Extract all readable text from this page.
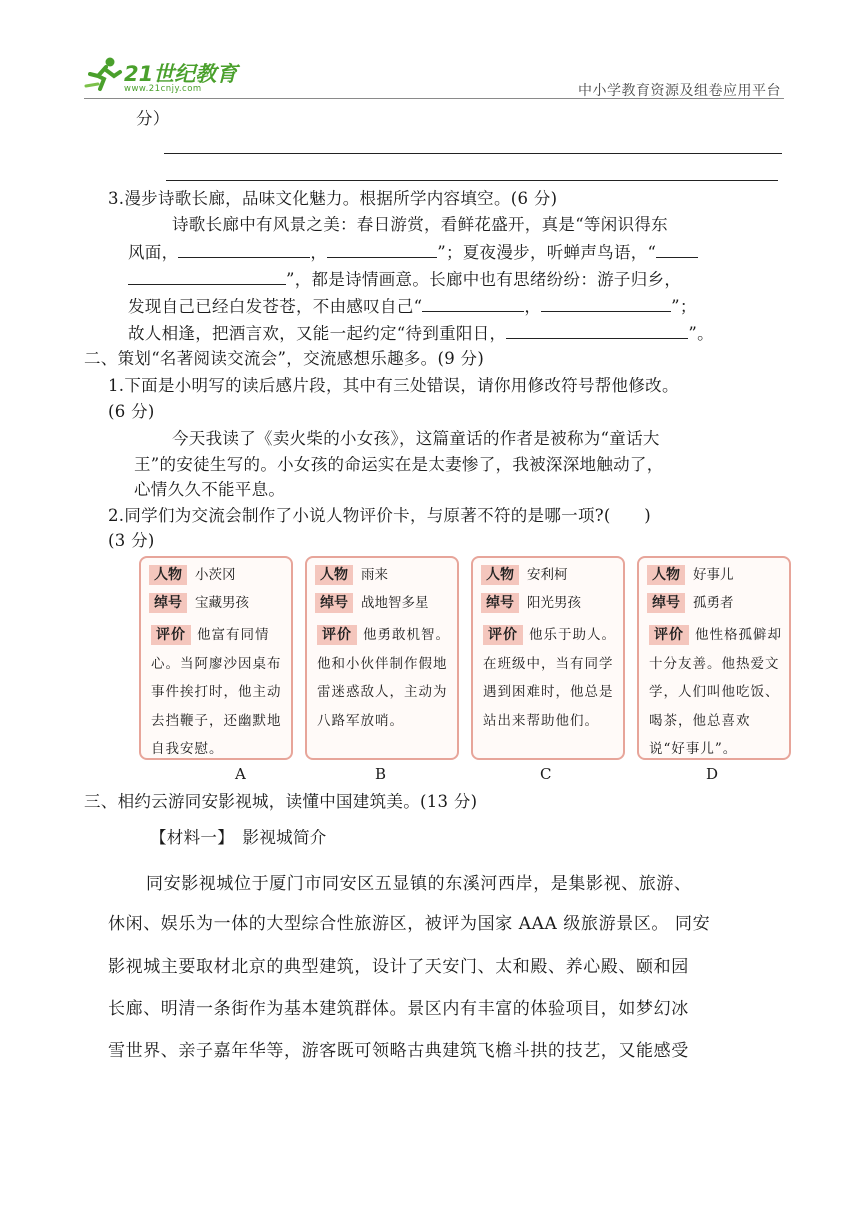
21世纪教育
www.21cnjy.com	中小学教育资源及组卷应用平台
分）
3.漫步诗歌长廊，品味文化魅力。根据所学内容填空。(6 分)
诗歌长廊中有风景之美：春日游赏，看鲜花盛开，真是“等闲识得东
风面，	，	”；夏夜漫步，听蝉声鸟语，“
”，都是诗情画意。长廊中也有思绪纷纷：游子归乡，
发现自己已经白发苍苍，不由感叹自己“	，	”；
故人相逢，把酒言欢，又能一起约定“待到重阳日，	”。
二、策划“名著阅读交流会”，交流感想乐趣多。(9 分)
1.下面是小明写的读后感片段，其中有三处错误，请你用修改符号帮他修改。
(6 分)
今天我读了《卖火柴的小女孩》，这篇童话的作者是被称为“童话大
王”的安徒生写的。小女孩的命运实在是太妻惨了，我被深深地触动了，
心情久久不能平息。
2.同学们为交流会制作了小说人物评价卡，与原著不符的是哪一项?(　　)
(3 分)
人物 小茨冈
绰号 宝藏男孩
评价 他富有同情心。当阿廖沙因桌布事件挨打时，他主动去挡鞭子，还幽默地自我安慰。
人物 雨来
绰号 战地智多星
评价 他勇敢机智。他和小伙伴制作假地雷迷惑敌人，主动为八路军放哨。
人物 安利柯
绰号 阳光男孩
评价 他乐于助人。在班级中，当有同学遇到困难时，他总是站出来帮助他们。
人物 好事儿
绰号 孤勇者
评价 他性格孤僻却十分友善。他热爱文学，人们叫他吃饭、喝茶，他总喜欢说“好事儿”。
A	B	C	D
三、相约云游同安影视城，读懂中国建筑美。(13 分)
【材料一】　影视城简介
同安影视城位于厦门市同安区五显镇的东溪河西岸，是集影视、旅游、
休闲、娱乐为一体的大型综合性旅游区，被评为国家 AAA 级旅游景区。 同安
影视城主要取材北京的典型建筑，设计了天安门、太和殿、养心殿、颐和园
长廊、明清一条街作为基本建筑群体。景区内有丰富的体验项目，如梦幻冰
雪世界、亲子嘉年华等，游客既可领略古典建筑飞檐斗拱的技艺，又能感受
